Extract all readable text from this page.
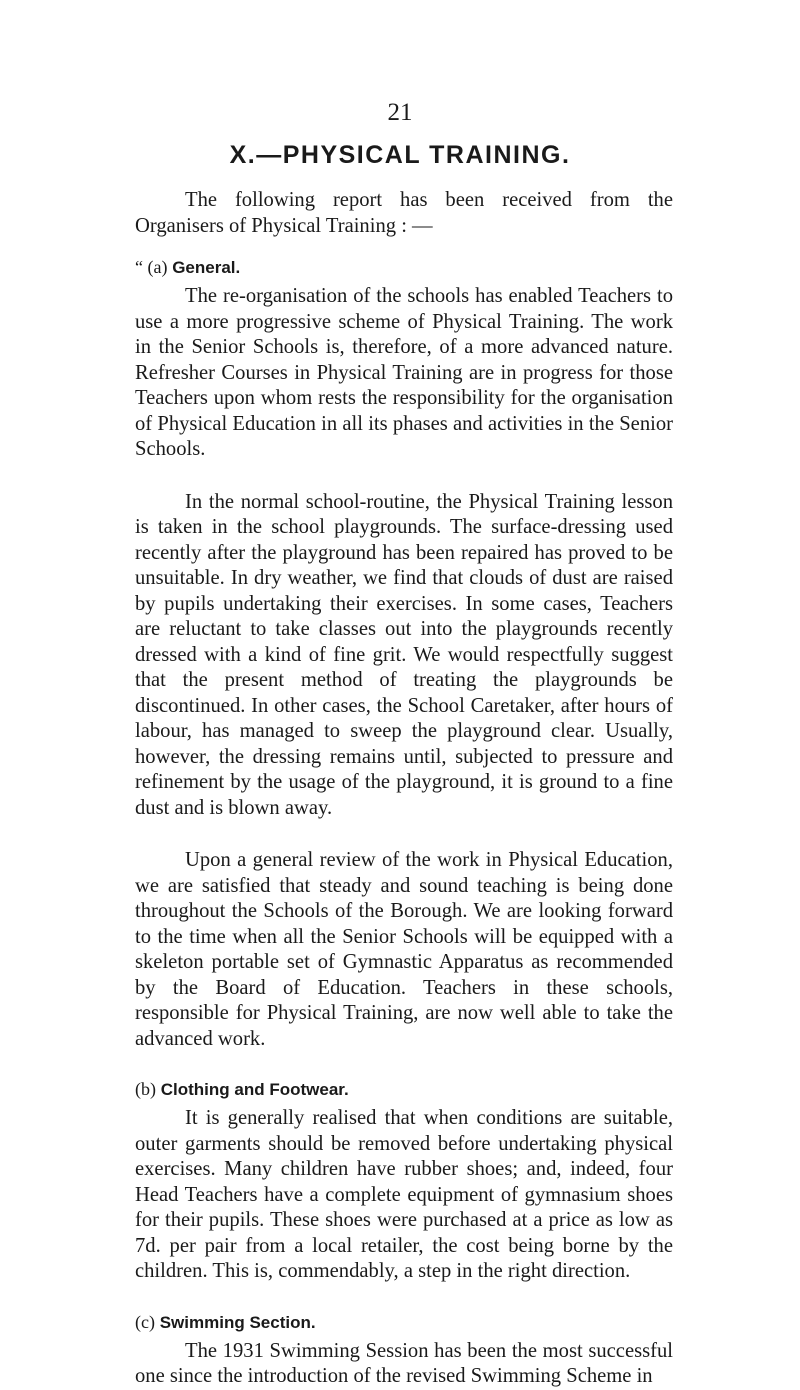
21
X.—PHYSICAL TRAINING.

The following report has been received from the Organisers of Physical Training : —

“ (a) General.

The re-organisation of the schools has enabled Teachers to use a more progressive scheme of Physical Training. The work in the Senior Schools is, therefore, of a more advanced nature. Refresher Courses in Physical Training are in progress for those Teachers upon whom rests the responsibility for the organisation of Physical Education in all its phases and activities in the Senior Schools.

In the normal school-routine, the Physical Training lesson is taken in the school playgrounds. The surface-dressing used recently after the playground has been repaired has proved to be unsuitable. In dry weather, we find that clouds of dust are raised by pupils undertaking their exercises. In some cases, Teachers are reluctant to take classes out into the playgrounds recently dressed with a kind of fine grit. We would respectfully suggest that the present method of treating the playgrounds be discontinued. In other cases, the School Caretaker, after hours of labour, has managed to sweep the playground clear. Usually, however, the dressing remains until, subjected to pressure and refinement by the usage of the playground, it is ground to a fine dust and is blown away.

Upon a general review of the work in Physical Education, we are satisfied that steady and sound teaching is being done throughout the Schools of the Borough. We are looking forward to the time when all the Senior Schools will be equipped with a skeleton portable set of Gymnastic Apparatus as recommended by the Board of Education. Teachers in these schools, responsible for Physical Training, are now well able to take the advanced work.

(b) Clothing and Footwear.

It is generally realised that when conditions are suitable, outer garments should be removed before undertaking physical exercises. Many children have rubber shoes; and, indeed, four Head Teachers have a complete equipment of gymnasium shoes for their pupils. These shoes were purchased at a price as low as 7d. per pair from a local retailer, the cost being borne by the children. This is, commendably, a step in the right direction.

(c) Swimming Section.

The 1931 Swimming Session has been the most successful one since the introduction of the revised Swimming Scheme in
